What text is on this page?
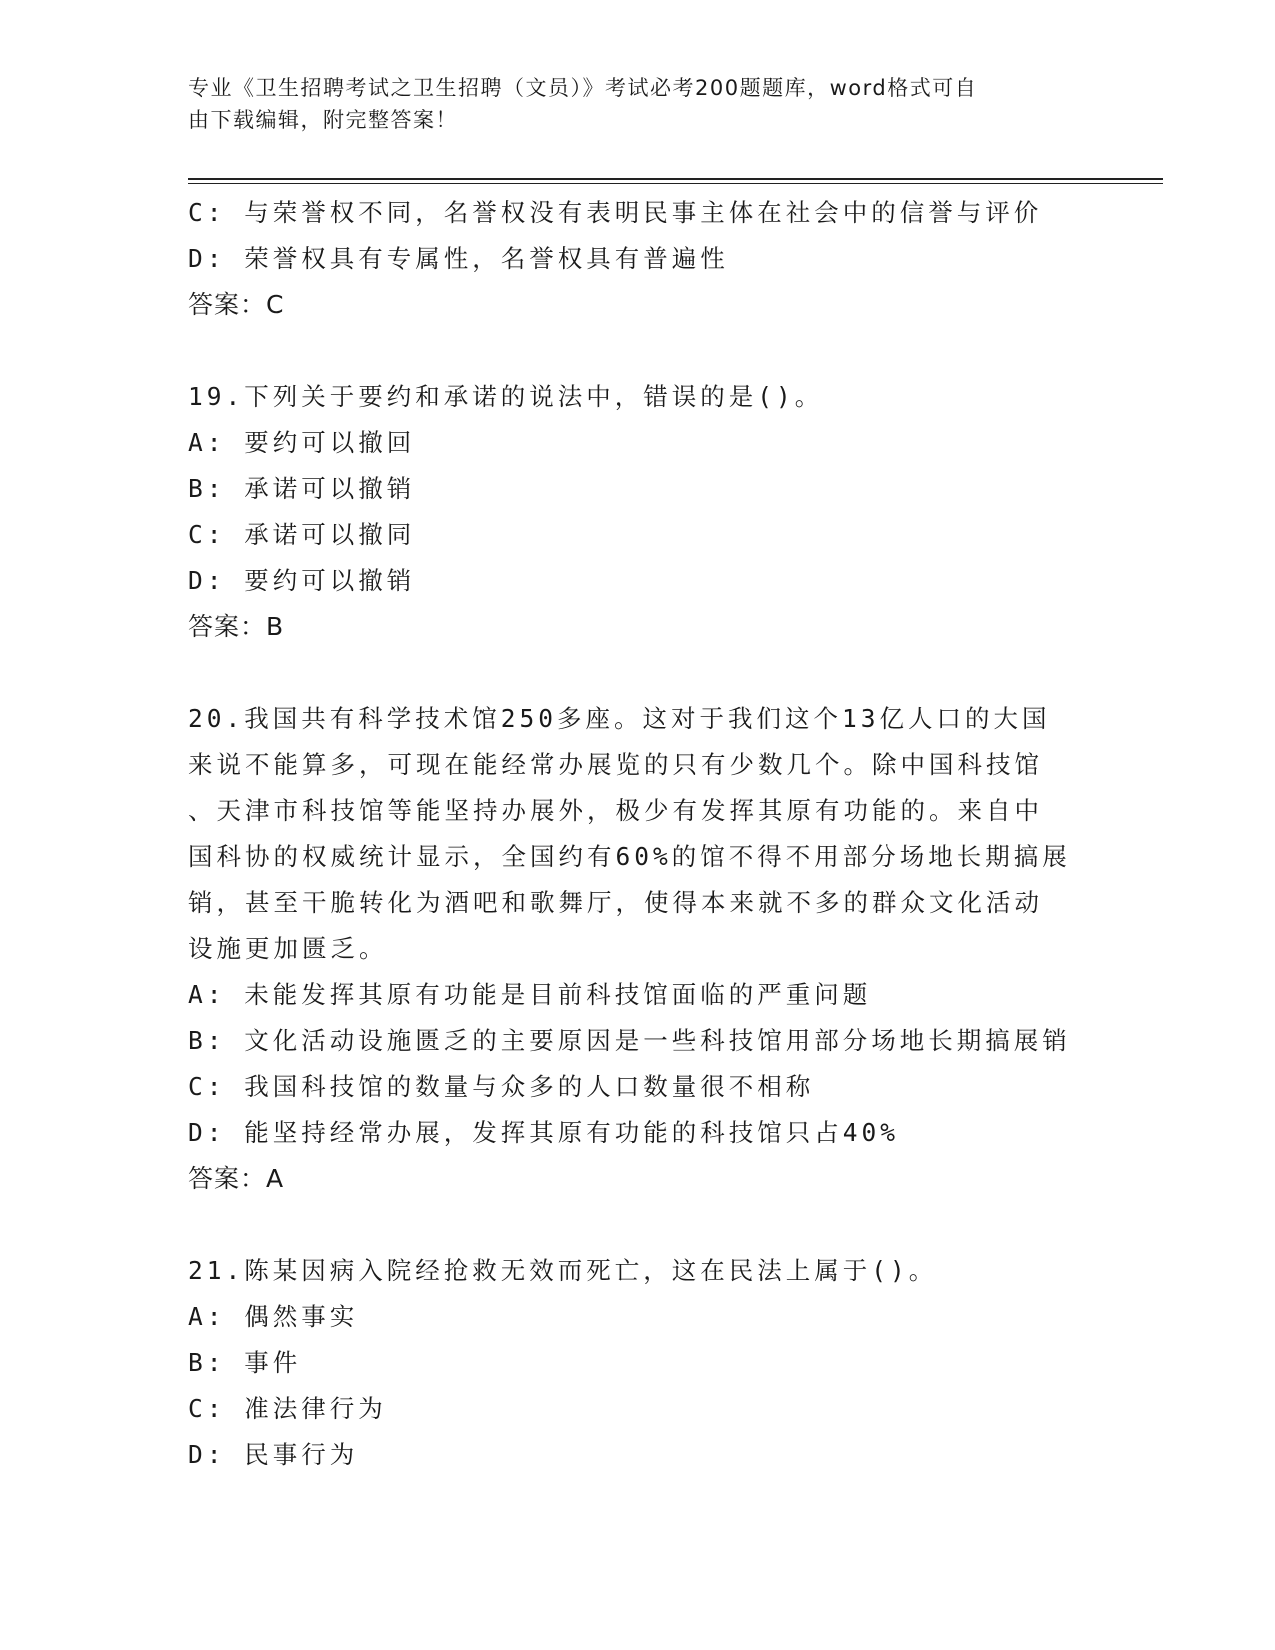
专业《卫生招聘考试之卫生招聘（文员）》考试必考200题题库，word格式可自
由下载编辑，附完整答案！
C: 与荣誉权不同，名誉权没有表明民事主体在社会中的信誉与评价
D: 荣誉权具有专属性，名誉权具有普遍性
答案：C
19.下列关于要约和承诺的说法中，错误的是()。
A: 要约可以撤回
B: 承诺可以撤销
C: 承诺可以撤同
D: 要约可以撤销
答案：B
20.我国共有科学技术馆250多座。这对于我们这个13亿人口的大国
来说不能算多，可现在能经常办展览的只有少数几个。除中国科技馆
、天津市科技馆等能坚持办展外，极少有发挥其原有功能的。来自中
国科协的权威统计显示，全国约有60%的馆不得不用部分场地长期搞展
销，甚至干脆转化为酒吧和歌舞厅，使得本来就不多的群众文化活动
设施更加匮乏。
A: 未能发挥其原有功能是目前科技馆面临的严重问题
B: 文化活动设施匮乏的主要原因是一些科技馆用部分场地长期搞展销
C: 我国科技馆的数量与众多的人口数量很不相称
D: 能坚持经常办展，发挥其原有功能的科技馆只占40%
答案：A
21.陈某因病入院经抢救无效而死亡，这在民法上属于()。
A: 偶然事实
B: 事件
C: 准法律行为
D: 民事行为
